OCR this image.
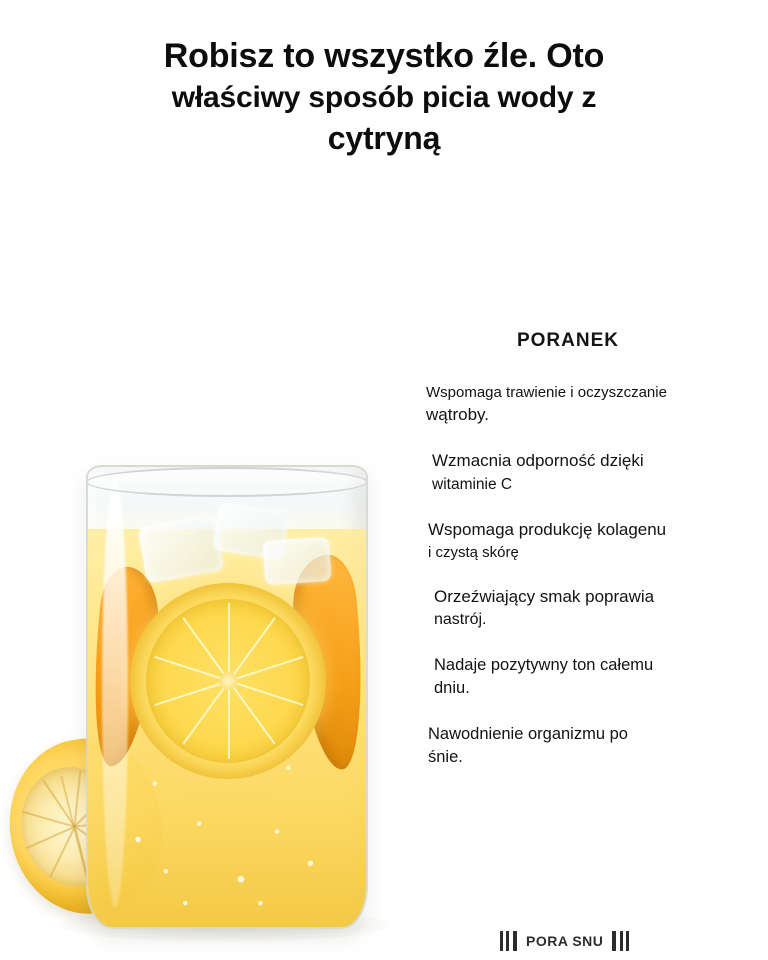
Robisz to wszystko źle. Oto
właściwy sposób picia wody z
cytryną
PORANEK
Wspomaga trawienie i oczyszczanie
wątroby.
Wzmacnia odporność dzięki
witaminie C
Wspomaga produkcję kolagenu
i czystą skórę
Orzeźwiający smak poprawia
nastrój.
Nadaje pozytywny ton całemu
dniu.
Nawodnienie organizmu po
śnie.
PORA SNU
